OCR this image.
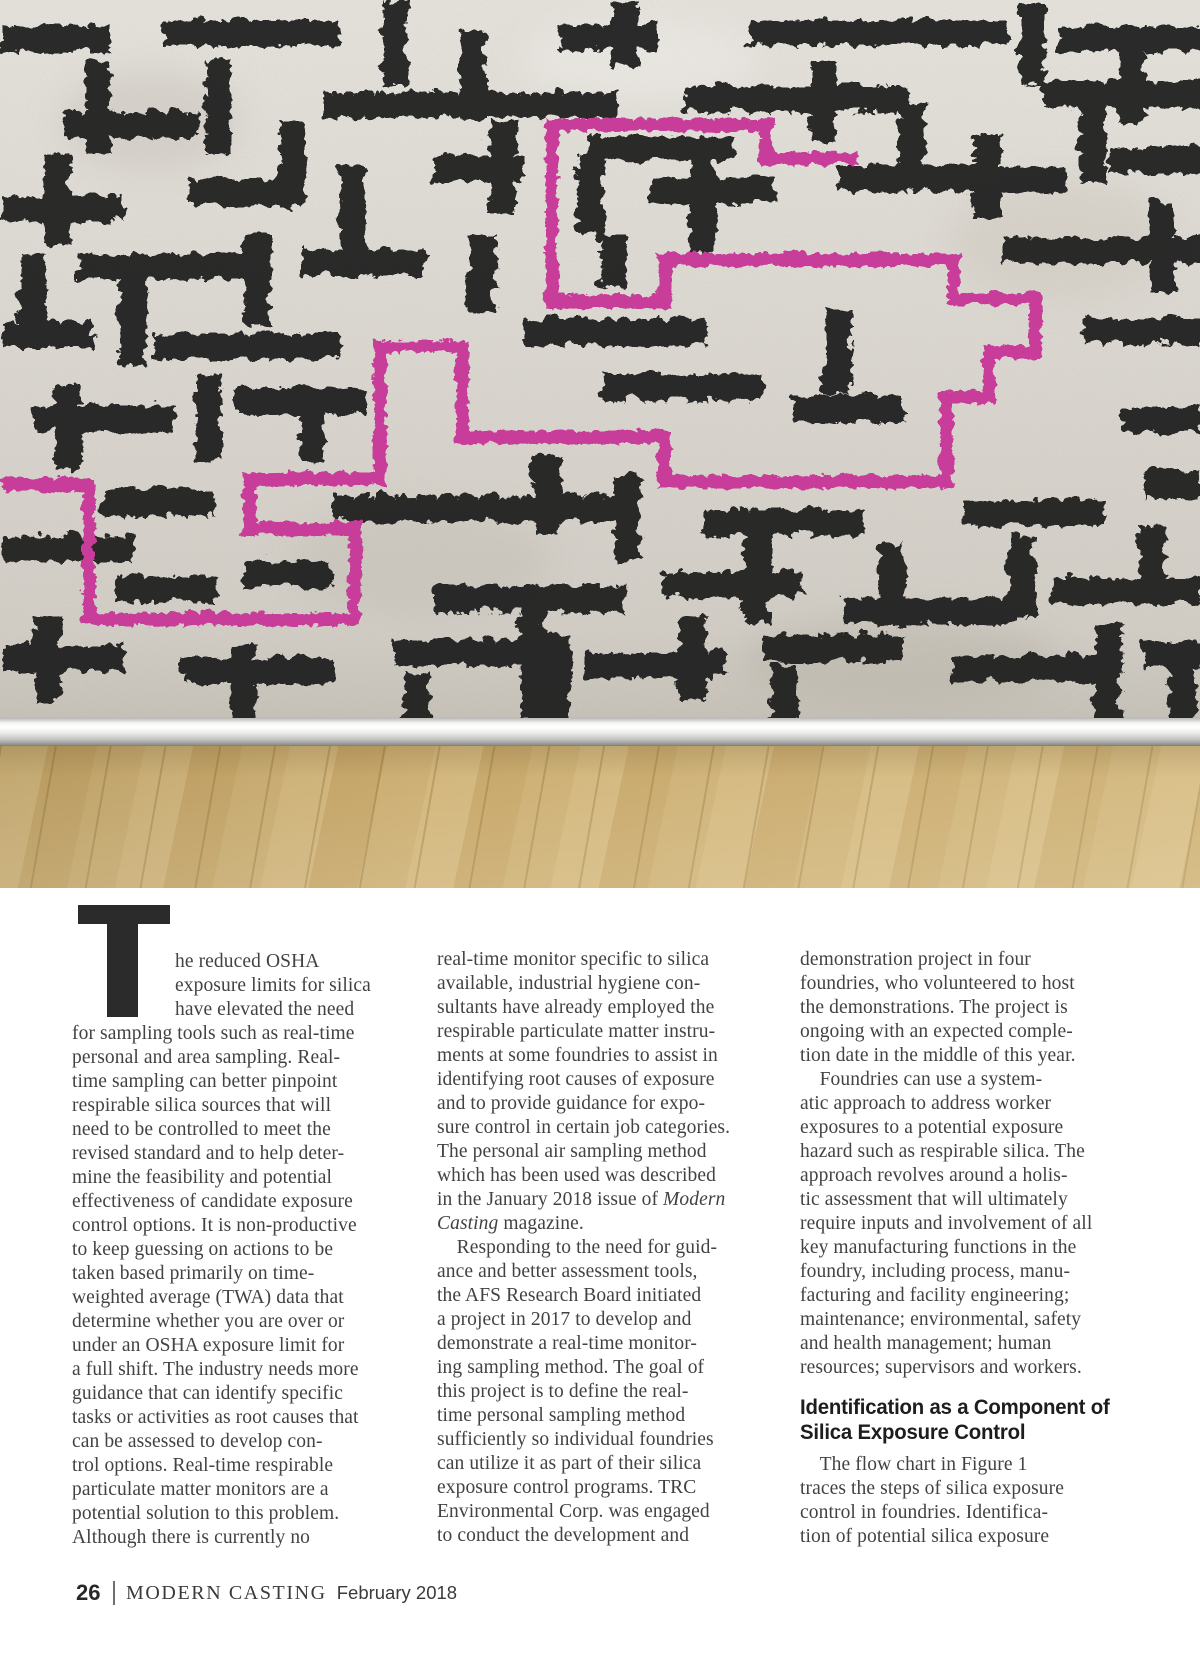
he reduced OSHA
exposure limits for silica
have elevated the need
for sampling tools such as real-time
personal and area sampling. Real-
time sampling can better pinpoint
respirable silica sources that will
need to be controlled to meet the
revised standard and to help deter-
mine the feasibility and potential
effectiveness of candidate exposure
control options. It is non-productive
to keep guessing on actions to be
taken based primarily on time-
weighted average (TWA) data that
determine whether you are over or
under an OSHA exposure limit for
a full shift. The industry needs more
guidance that can identify specific
tasks or activities as root causes that
can be assessed to develop con-
trol options. Real-time respirable
particulate matter monitors are a
potential solution to this problem.
Although there is currently no
real-time monitor specific to silica
available, industrial hygiene con-
sultants have already employed the
respirable particulate matter instru-
ments at some foundries to assist in
identifying root causes of exposure
and to provide guidance for expo-
sure control in certain job categories.
The personal air sampling method
which has been used was described
in the January 2018 issue of Modern
Casting magazine.
 Responding to the need for guid-
ance and better assessment tools,
the AFS Research Board initiated
a project in 2017 to develop and
demonstrate a real-time monitor-
ing sampling method. The goal of
this project is to define the real-
time personal sampling method
sufficiently so individual foundries
can utilize it as part of their silica
exposure control programs. TRC
Environmental Corp. was engaged
to conduct the development and
demonstration project in four
foundries, who volunteered to host
the demonstrations. The project is
ongoing with an expected comple-
tion date in the middle of this year.
 Foundries can use a system-
atic approach to address worker
exposures to a potential exposure
hazard such as respirable silica. The
approach revolves around a holis-
tic assessment that will ultimately
require inputs and involvement of all
key manufacturing functions in the
foundry, including process, manu-
facturing and facility engineering;
maintenance; environmental, safety
and health management; human
resources; supervisors and workers.
Identification as a Component of
Silica Exposure Control
 The flow chart in Figure 1
traces the steps of silica exposure
control in foundries. Identifica-
tion of potential silica exposure
26 MODERN CASTING February 2018
